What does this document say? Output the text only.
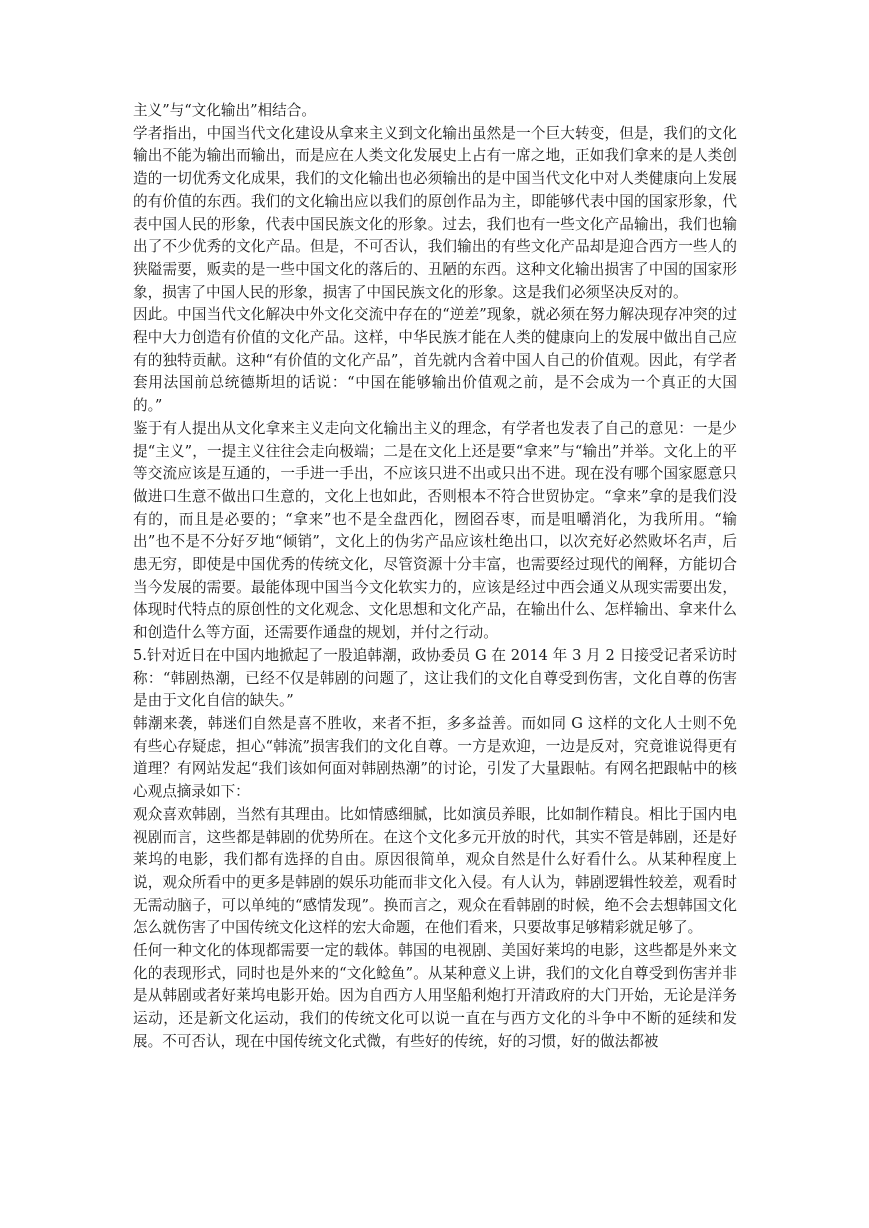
主义”与“文化输出”相结合。

学者指出，中国当代文化建设从拿来主义到文化输出虽然是一个巨大转变，但是，我们的文化输出不能为输出而输出，而是应在人类文化发展史上占有一席之地，正如我们拿来的是人类创造的一切优秀文化成果，我们的文化输出也必须输出的是中国当代文化中对人类健康向上发展的有价值的东西。我们的文化输出应以我们的原创作品为主，即能够代表中国的国家形象，代表中国人民的形象，代表中国民族文化的形象。过去，我们也有一些文化产品输出，我们也输出了不少优秀的文化产品。但是，不可否认，我们输出的有些文化产品却是迎合西方一些人的狭隘需要，贩卖的是一些中国文化的落后的、丑陋的东西。这种文化输出损害了中国的国家形象，损害了中国人民的形象，损害了中国民族文化的形象。这是我们必须坚决反对的。

因此。中国当代文化解决中外文化交流中存在的“逆差”现象，就必须在努力解决现存冲突的过程中大力创造有价值的文化产品。这样，中华民族才能在人类的健康向上的发展中做出自己应有的独特贡献。这种“有价值的文化产品”，首先就内含着中国人自己的价值观。因此，有学者套用法国前总统德斯坦的话说：“中国在能够输出价值观之前，是不会成为一个真正的大国的。”

鉴于有人提出从文化拿来主义走向文化输出主义的理念，有学者也发表了自己的意见：一是少提“主义”，一提主义往往会走向极端；二是在文化上还是要“拿来”与“输出”并举。文化上的平等交流应该是互通的，一手进一手出，不应该只进不出或只出不进。现在没有哪个国家愿意只做进口生意不做出口生意的，文化上也如此，否则根本不符合世贸协定。“拿来”拿的是我们没有的，而且是必要的；“拿来”也不是全盘西化，囫囵吞枣，而是咀嚼消化，为我所用。“输出”也不是不分好歹地“倾销”，文化上的伪劣产品应该杜绝出口，以次充好必然败坏名声，后患无穷，即使是中国优秀的传统文化，尽管资源十分丰富，也需要经过现代的阐释，方能切合当今发展的需要。最能体现中国当今文化软实力的，应该是经过中西会通义从现实需要出发，体现时代特点的原创性的文化观念、文化思想和文化产品，在输出什么、怎样输出、拿来什么和创造什么等方面，还需要作通盘的规划，并付之行动。

5.针对近日在中国内地掀起了一股追韩潮，政协委员 G 在 2014 年 3 月 2 日接受记者采访时称：“韩剧热潮，已经不仅是韩剧的问题了，这让我们的文化自尊受到伤害，文化自尊的伤害是由于文化自信的缺失。”

韩潮来袭，韩迷们自然是喜不胜收，来者不拒，多多益善。而如同 G 这样的文化人士则不免有些心存疑虑，担心“韩流”损害我们的文化自尊。一方是欢迎，一边是反对，究竟谁说得更有道理？有网站发起“我们该如何面对韩剧热潮”的讨论，引发了大量跟帖。有网名把跟帖中的核心观点摘录如下：

观众喜欢韩剧，当然有其理由。比如情感细腻，比如演员养眼，比如制作精良。相比于国内电视剧而言，这些都是韩剧的优势所在。在这个文化多元开放的时代，其实不管是韩剧，还是好莱坞的电影，我们都有选择的自由。原因很简单，观众自然是什么好看什么。从某种程度上说，观众所看中的更多是韩剧的娱乐功能而非文化入侵。有人认为，韩剧逻辑性较差，观看时无需动脑子，可以单纯的“感情发现”。换而言之，观众在看韩剧的时候，绝不会去想韩国文化怎么就伤害了中国传统文化这样的宏大命题，在他们看来，只要故事足够精彩就足够了。

任何一种文化的体现都需要一定的载体。韩国的电视剧、美国好莱坞的电影，这些都是外来文化的表现形式，同时也是外来的“文化鲶鱼”。从某种意义上讲，我们的文化自尊受到伤害并非是从韩剧或者好莱坞电影开始。因为自西方人用坚船利炮打开清政府的大门开始，无论是洋务运动，还是新文化运动，我们的传统文化可以说一直在与西方文化的斗争中不断的延续和发展。不可否认，现在中国传统文化式微，有些好的传统，好的习惯，好的做法都被
